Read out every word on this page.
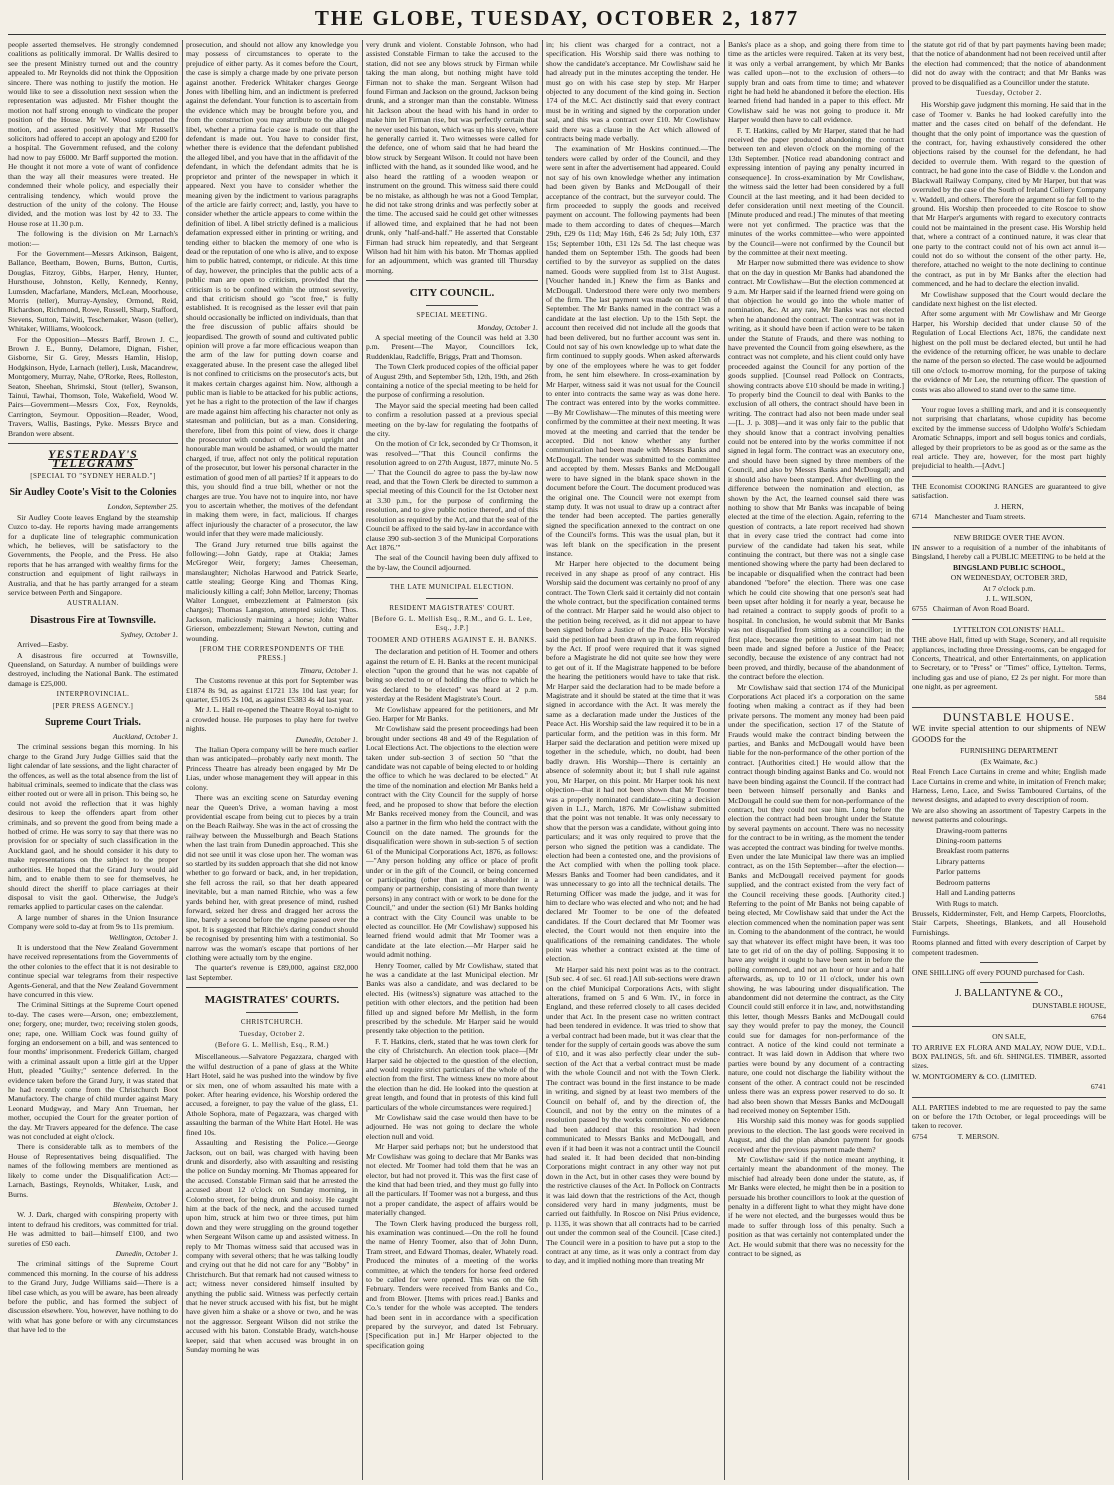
THE GLOBE, TUESDAY, OCTOBER 2, 1877

people asserted themselves. He strongly condemned coalitions as politically immoral. Dr Wallis desired to see the present Ministry turned out and the country appealed to. Mr Reynolds did not think the Opposition sincere. There was nothing to justify the motion. He would like to see a dissolution next session when the representation was adjusted. Mr Fisher thought the motion not half strong enough to vindicate the proper position of the House. Mr W. Wood supported the motion, and asserted positively that Mr Russell's solicitors had offered to accept an apology and £200 for a hospital. The Government refused, and the colony had now to pay £6000. Mr Barff supported the motion. He thought it not more a vote of want of confidence than the way all their measures were treated. He condemned their whole policy, and especially their centralising tendency, which would prove the destruction of the unity of the colony. The House divided, and the motion was lost by 42 to 33. The House rose at 11.30 p.m.

The following is the division on Mr Larnach's motion:—

For the Government—Messrs Atkinson, Baigent, Ballance, Beetham, Bowen, Burns, Button, Curtis, Douglas, Fitzroy, Gibbs, Harper, Henry, Hunter, Hursthouse, Johnston, Kelly, Kennedy, Kenny, Lumsden, Macfarlane, Manders, McLean, Moorhouse, Morris (teller), Murray-Aynsley, Ormond, Reid, Richardson, Richmond, Rowe, Russell, Sharp, Stafford, Stevens, Sutton, Taiwiti, Teschemaker, Wason (teller), Whitaker, Williams, Woolcock.

For the Opposition—Messrs Barff, Brown J. C., Brown J. E., Bunny, Delamore, Dignan, Fisher, Gisborne, Sir G. Grey, Messrs Hamlin, Hislop, Hodgkinson, Hyde, Larnach (teller), Lusk, Macandrew, Montgomery, Murray, Nahe, O'Rorke, Rees, Rolleston, Seaton, Sheehan, Shrimski, Stout (teller), Swanson, Tainui, Tawhai, Thomson, Tole, Wakefield, Wood W. Pairs—Government—Messrs Cox, Fox, Reynolds, Carrington, Seymour. Opposition—Reader, Wood, Travers, Wallis, Bastings, Pyke. Messrs Bryce and Brandon were absent.

YESTERDAY'S TELEGRAMS

[SPECIAL TO "SYDNEY HERALD."]

Sir Audley Coote's Visit to the Colonies

London, September 25.

Sir Audley Coote leaves England by the steamship Cuzco to-day. He reports having made arrangements for a duplicate line of telegraphic communication which, he believes, will be satisfactory to the Governments, the People, and the Press. He also reports that he has arranged with wealthy firms for the construction and equipment of light railways in Australia, and that he has partly arranged for a steam service between Perth and Singapore.

AUSTRALIAN.

Disastrous Fire at Townsville.

Sydney, October 1.

Arrived—Easby.

A disastrous fire occurred at Townsville, Queensland, on Saturday. A number of buildings were destroyed, including the National Bank. The estimated damage is £25,000.

INTERPROVINCIAL.

[PER PRESS AGENCY.]

Supreme Court Trials.

Auckland, October 1.

The criminal sessions began this morning. In his charge to the Grand Jury Judge Gillies said that the light calendar of late sessions, and the light character of the offences, as well as the total absence from the list of habitual criminals, seemed to indicate that the class was either rooted out or were all in prison. This being so, he could not avoid the reflection that it was highly desirous to keep the offenders apart from other criminals, and so prevent the good from being made a hotbed of crime. He was sorry to say that there was no provision for or specialty of such classification in the Auckland gaol, and he should consider it his duty to make representations on the subject to the proper authorities. He hoped that the Grand Jury would aid him, and to enable them to see for themselves, he should direct the sheriff to place carriages at their disposal to visit the gaol. Otherwise, the Judge's remarks applied to particular cases on the calendar.

A large number of shares in the Union Insurance Company were sold to-day at from 9s to 11s premium.

Wellington, October 1.

It is understood that the New Zealand Government have received representations from the Governments of the other colonies to the effect that it is not desirable to continue special war telegrams from their respective Agents-General, and that the New Zealand Government have concurred in this view.

The Criminal Sittings at the Supreme Court opened to-day. The cases were—Arson, one; embezzlement, one; forgery, one; murder, two; receiving stolen goods, one; rape, one. William Cock was found guilty of forging an endorsement on a bill, and was sentenced to four months' imprisonment. Frederick Gillam, charged with a criminal assault upon a little girl at the Upper Hutt, pleaded "Guilty;" sentence deferred. In the evidence taken before the Grand Jury, it was stated that he had recently come from the Christchurch Boot Manufactory. The charge of child murder against Mary Leonard Mudgway, and Mary Ann Trueman, her mother, occupied the Court for the greater portion of the day. Mr Travers appeared for the defence. The case was not concluded at eight o'clock.

There is considerable talk as to members of the House of Representatives being disqualified. The names of the following members are mentioned as likely to come under the Disqualification Act:—Larnach, Bastings, Reynolds, Whitaker, Lusk, and Burns.

Blenheim, October 1.

W. J. Dark, charged with conspiring property with intent to defraud his creditors, was committed for trial. He was admitted to bail—himself £100, and two sureties of £50 each.

Dunedin, October 1.

The criminal sittings of the Supreme Court commenced this morning. In the course of his address to the Grand Jury, Judge Williams said—There is a libel case which, as you will be aware, has been already before the public, and has formed the subject of discussion elsewhere. You, however, have nothing to do with what has gone before or with any circumstances that have led to the

prosecution, and should not allow any knowledge you may possess of circumstances to operate to the prejudice of either party. As it comes before the Court, the case is simply a charge made by one private person against another. Frederick Whitaker charges George Jones with libelling him, and an indictment is preferred against the defendant. Your function is to ascertain from the evidence which may be brought before you, and from the construction you may attribute to the alleged libel, whether a prima facie case is made out that the defendant is made out. You have to consider first, whether there is evidence that the defendant published the alleged libel, and you have that in the affidavit of the defendant, in which the defendant admits that he is proprietor and printer of the newspaper in which it appeared. Next you have to consider whether the meaning given by the indictment to various paragraphs of the article are fairly correct; and, lastly, you have to consider whether the article appears to come within the definition of libel. A libel strictly defined is a malicious defamation expressed either in printing or writing, and tending either to blacken the memory of one who is dead or the reputation of one who is alive, and to expose him to public hatred, contempt, or ridicule. At this time of day, however, the principles that the public acts of a public man are open to criticism, provided that the criticism is to be confined within the utmost severity, and that criticism should go "scot free," is fully established. It is recognised as the lesser evil that pain should occasionally be inflicted on individuals, than that the free discussion of public affairs should be jeopardised. The growth of sound and cultivated public opinion will prove a far more efficacious weapon than the arm of the law for putting down coarse and exaggerated abuse. In the present case the alleged libel is not confined to criticisms on the prosecutor's acts, but it makes certain charges against him. Now, although a public man is liable to be attacked for his public actions, yet he has a right to the protection of the law if charges are made against him affecting his character not only as statesman and politician, but as a man. Considering, therefore, libel from this point of view, does it charge the prosecutor with conduct of which an upright and honourable man would be ashamed, or would the matter charged, if true, affect not only the political reputation of the prosecutor, but lower his personal character in the estimation of good men of all parties? If it appears to do this, you should find a true bill, whether or not the charges are true. You have not to inquire into, nor have you to ascertain whether, the motives of the defendant in making them were, in fact, malicious. If charges affect injuriously the character of a prosecutor, the law would infer that they were made maliciously.

The Grand Jury returned true bills against the following:—John Gatdy, rape at Otakia; James McGregor Weir, forgery; James Cheeseman, manslaughter; Nicholas Harwood and Patrick Searle, cattle stealing; George King and Thomas King, maliciously killing a calf; John Mellor, larceny; Thomas Walter Longuet, embezzlement at Palmerston (six charges); Thomas Langston, attempted suicide; Thos. Jackson, maliciously maiming a horse; John Walter Grierson, embezzlement; Stewart Newton, cutting and wounding.

[FROM THE CORRESPONDENTS OF THE PRESS.]

Timaru, October 1.

The Customs revenue at this port for September was £1874 8s 9d, as against £1721 13s 10d last year; for quarter, £5105 2s 10d, as against £5383 4s 4d last year.

Mr J. L. Hall re-opened the Theatre Royal to-night to a crowded house. He purposes to play here for twelve nights.

Dunedin, October 1.

The Italian Opera company will be here much earlier than was anticipated—probably early next month. The Princess Theatre has already been engaged by Mr De Lias, under whose management they will appear in this colony.

There was an exciting scene on Saturday evening near the Queen's Drive, a woman having a most providential escape from being cut to pieces by a train on the Beach Railway. She was in the act of crossing the railway between the Musselburgh and Beach Stations when the last train from Dunedin approached. This she did not see until it was close upon her. The woman was so startled by its sudden approach that she did not know whether to go forward or back, and, in her trepidation, she fell across the rail, so that her death appeared inevitable, but a man named Ritchie, who was a few yards behind her, with great presence of mind, rushed forward, seized her dress and dragged her across the line, barely a second before the engine passed over the spot. It is suggested that Ritchie's daring conduct should be recognised by presenting him with a testimonial. So narrow was the woman's escape that portions of her clothing were actually torn by the engine.

The quarter's revenue is £89,000, against £82,000 last September.

MAGISTRATES' COURTS.

CHRISTCHURCH.

Tuesday, October 2.

(Before G. L. Mellish, Esq., R.M.)

Miscellaneous.—Salvatore Pegazzara, charged with the wilful destruction of a pane of glass at the White Hart Hotel, said he was pushed into the window by five or six men, one of whom assaulted his mate with a poker. After hearing evidence, his Worship ordered the accused, a foreigner, to pay the value of the glass, £1. Athole Sophora, mate of Pegazzara, was charged with assaulting the barman of the White Hart Hotel. He was fined 10s.

Assaulting and Resisting the Police.—George Jackson, out on bail, was charged with having been drunk and disorderly, also with assaulting and resisting the police on Sunday morning. Mr Thomas appeared for the accused. Constable Firman said that he arrested the accused about 12 o'clock on Sunday morning, in Colombo street, for being drunk and noisy. He caught him at the back of the neck, and the accused turned upon him, struck at him two or three times, put him down and they were struggling on the ground together when Sergeant Wilson came up and assisted witness. In reply to Mr Thomas witness said that accused was in company with several others; that he was talking loudly and crying out that he did not care for any "Bobby" in Christchurch. But that remark had not caused witness to act; witness never considered himself insulted by anything the public said. Witness was perfectly certain that he never struck accused with his fist, but he might have given him a shake or a shove or two, and he was not the aggressor. Sergeant Wilson did not strike the accused with his baton. Constable Brady, watch-house keeper, said that when accused was brought in on Sunday morning he was

very drunk and violent. Constable Johnson, who had assisted Constable Firman to take the accused to the station, did not see any blows struck by Firman while taking the man along, but nothing might have told Firman not to shake the man. Sergeant Wilson had found Firman and Jackson on the ground, Jackson being drunk, and a stronger man than the constable. Witness hit Jackson about the head with his hand in order to make him let Firman rise, but was perfectly certain that he never used his baton, which was up his sleeve, where he generally carried it. Two witnesses were called for the defence, one of whom said that he had heard the blow struck by Sergeant Wilson. It could not have been inflicted with the hand, as it sounded like wood, and he also heard the rattling of a wooden weapon or instrument on the ground. This witness said there could be no mistake, as although he was not a Good Templar, he did not take strong drinks and was perfectly sober at the time. The accused said he could get other witnesses if allowed time, and explained that he had not been drunk, only "half-and-half." He asserted that Constable Firman had struck him repeatedly, and that Sergeant Wilson had hit him with his baton. Mr Thomas applied for an adjournment, which was granted till Thursday morning.

CITY COUNCIL.

SPECIAL MEETING.

Monday, October 1.

A special meeting of the Council was held at 3.30 p.m. Present—The Mayor, Councillors Ick, Ruddenklau, Radcliffe, Briggs, Pratt and Thomson.

The Town Clerk produced copies of the official paper of August 29th, and September 5th, 12th, 19th, and 26th containing a notice of the special meeting to be held for the purpose of confirming a resolution.

The Mayor said the special meeting had been called to confirm a resolution passed at a previous special meeting on the by-law for regulating the footpaths of the city.

On the motion of Cr Ick, seconded by Cr Thomson, it was resolved—"That this Council confirms the resolution agreed to on 27th August, 1877, minute No. 5—' That the Council do agree to pass the by-law now read, and that the Town Clerk be directed to summon a special meeting of this Council for the 1st October next at 3.30 p.m., for the purpose of confirming the resolution, and to give public notice thereof, and of this resolution as required by the Act, and that the seal of the Council be affixed to the said by-law in accordance with clause 390 sub-section 3 of the Municipal Corporations Act 1876.'"

The seal of the Council having been duly affixed to the by-law, the Council adjourned.

THE LATE MUNICIPAL ELECTION.

RESIDENT MAGISTRATES' COURT.

[Before G. L. Mellish Esq., R.M., and G. L. Lee, Esq., J.P.]

TOOMER AND OTHERS AGAINST E. H. BANKS.

The declaration and petition of H. Toomer and others against the return of E. H. Banks at the recent municipal election "upon the ground that he was not capable of being so elected to or of holding the office to which he was declared to be elected" was heard at 2 p.m. yesterday at the Resident Magistrate's Court.

Mr Cowlishaw appeared for the petitioners, and Mr Geo. Harper for Mr Banks.

Mr Cowlishaw said the present proceedings had been brought under sections 48 and 49 of the Regulation of Local Elections Act. The objections to the election were taken under sub-section 3 of section 50 "that the candidate was not capable of being elected to or holding the office to which he was declared to be elected." At the time of the nomination and election Mr Banks held a contract with the City Council for the supply of horse feed, and he proposed to show that before the election Mr Banks received money from the Council, and was also a partner in the firm who held the contract with the Council on the date named. The grounds for the disqualification were shown in sub-section 5 of section 61 of the Municipal Corporations Act, 1876, as follows:—"Any person holding any office or place of profit under or in the gift of the Council, or being concerned or participating (other than as a shareholder in a company or partnership, consisting of more than twenty persons) in any contract with or work to be done for the Council," and under the section (61) Mr Banks holding a contract with the City Council was unable to be elected as councillor. He (Mr Cowlishaw) supposed his learned friend would admit that Mr Toomer was a candidate at the late election.—Mr Harper said he would admit nothing.

Henry Toomer, called by Mr Cowlishaw, stated that he was a candidate at the last Municipal election. Mr Banks was also a candidate, and was declared to be elected. His (witness's) signature was attached to the petition with other electors, and the petition had been filled up and signed before Mr Mellish, in the form prescribed by the schedule. Mr Harper said he would presently take objection to the petition.

F. T. Hatkins, clerk, stated that he was town clerk for the city of Christchurch. An election took place—[Mr Harper said he objected to the question of the election, and would require strict particulars of the whole of the election from the first. The witness knew no more about the election than he did. He looked into the question at great length, and found that in protests of this kind full particulars of the whole circumstances were required.]

Mr Cowlishaw said the case would then have to be adjourned. He was not going to declare the whole election null and void.

Mr Harper said perhaps not; but he understood that Mr Cowlishaw was going to declare that Mr Banks was not elected. Mr Toomer had told them that he was an elector, but had not proved it. This was the first case of the kind that had been tried, and they must go fully into all the particulars. If Toomer was not a burgess, and thus not a proper candidate, the aspect of affairs would be materially changed.

The Town Clerk having produced the burgess roll, his examination was continued.—On the roll he found the name of Henry Toomer, also that of John Dunn, Tram street, and Edward Thomas, dealer, Whately road. Produced the minutes of a meeting of the works committee, at which the tenders for horse feed ordered to be called for were opened. This was on the 6th February. Tenders were received from Banks and Co., and from Blower. [Items with prices read.] Banks and Co.'s tender for the whole was accepted. The tenders had been sent in in accordance with a specification prepared by the surveyor, and dated 1st February. [Specification put in.] Mr Harper objected to the specification going

in; his client was charged for a contract, not a specification. His Worship said there was nothing to show the candidate's acceptance. Mr Cowlishaw said he had already put in the minutes accepting the tender. He must go on with his case step by step. Mr Harper objected to any document of the kind going in. Section 174 of the M.C. Act distinctly said that every contract must be in writing and signed by the corporation under seal, and this was a contract over £10. Mr Cowlishaw said there was a clause in the Act which allowed of contracts being made verbally.

The examination of Mr Hoskins continued.—The tenders were called by order of the Council, and they were sent in after the advertisement had appeared. Could not say of his own knowledge whether any intimation had been given by Banks and McDougall of their acceptance of the contract, but the surveyor could. The firm proceeded to supply the goods and received payment on account. The following payments had been made to them according to dates of cheques—March 29th, £29 0s 11d; May 16th, £46 2s 5d; July 10th, £37 15s; September 10th, £31 12s 5d. The last cheque was handed them on September 15th. The goods had been certified to by the surveyor as supplied on the dates named. Goods were supplied from 1st to 31st August. [Voucher handed in.] Knew the firm as Banks and McDougall. Understood there were only two members of the firm. The last payment was made on the 15th of September. The Mr Banks named in the contract was a candidate at the last election. Up to the 15th Sept. the account then received did not include all the goods that had been delivered, but no further account was sent in. Could not say of his own knowledge up to what date the firm continued to supply goods. When asked afterwards by one of the employees where he was to get fodder from, he sent him elsewhere. In cross-examination by Mr Harper, witness said it was not usual for the Council to enter into contracts the same way as was done here. The contract was entered into by the works committee.—By Mr Cowlishaw—The minutes of this meeting were confirmed by the committee at their next meeting. It was moved at the meeting and carried that the tender be accepted. Did not know whether any further communication had been made with Messrs Banks and McDougall. The tender was submitted to the committee and accepted by them. Messrs Banks and McDougall were to have signed in the blank space shown in the document before the Court. The document produced was the original one. The Council were not exempt from stamp duty. It was not usual to draw up a contract after the tender had been accepted. The parties generally signed the specification annexed to the contract on one of the Council's forms. This was the usual plan, but it was left blank on the specification in the present instance.

Mr Harper here objected to the document being received in any shape as proof of any contract. His Worship said the document was certainly no proof of any contract. The Town Clerk said it certainly did not contain the whole contract, but the specification contained terms of the contract. Mr Harper said he would also object to the petition being received, as it did not appear to have been signed before a Justice of the Peace. His Worship said the petition had been drawn up in the form required by the Act. If proof were required that it was signed before a Magistrate he did not quite see how they were to get out of it. If the Magistrate happened to be before the hearing the petitioners would have to take that risk. Mr Harper said the declaration had to be made before a Magistrate and it should be stated at the time that it was signed in accordance with the Act. It was merely the same as a declaration made under the Justices of the Peace Act. His Worship said the law required it to be in a particular form, and the petition was in this form. Mr Harper said the declaration and petition were mixed up together in the schedule, which, no doubt, had been badly drawn. His Worship—There is certainly an absence of solemnity about it; but I shall rule against you, Mr Harper, on this point. Mr Harper took his next objection—that it had not been shown that Mr Toomer was a properly nominated candidate—citing a decision given in L.J., March, 1876. Mr Cowlishaw submitted that the point was not tenable. It was only necessary to show that the person was a candidate, without going into particulars; and it was only required to prove that the person who signed the petition was a candidate. The election had been a contested one, and the provisions of the Act complied with when the polling took place. Messrs Banks and Toomer had been candidates, and it was unnecessary to go into all the technical details. The Returning Officer was made the judge, and it was for him to declare who was elected and who not; and he had declared Mr Toomer to be one of the defeated candidates. If the Court declared that Mr Toomer was elected, the Court would not then enquire into the qualifications of the remaining candidates. The whole point was whether a contract existed at the time of election.

Mr Harper said his next point was as to the contract. [Sub sec. 4 of sec. 61 read.] All sub-sections were drawn on the chief Municipal Corporations Acts, with slight alterations, framed on 5 and 6 Wm. IV., in force in England, and these referred closely to all cases decided under that Act. In the present case no written contract had been tendered in evidence. It was tried to show that a verbal contract had been made, but it was clear that the tender for the supply of certain goods was above the sum of £10, and it was also perfectly clear under the sub-section of the Act that a verbal contract must be made with the whole Council and not with the Town Clerk. The contract was bound in the first instance to be made in writing, and signed by at least two members of the Council on behalf of, and by the direction of, the Council, and not by the entry on the minutes of a resolution passed by the works committee. No evidence had been adduced that this resolution had been communicated to Messrs Banks and McDougall, and even if it had been it was not a contract until the Council had sealed it. It had been decided that non-binding Corporations might contract in any other way not put down in the Act, but in other cases they were bound by the restrictive clauses of the Act. In Pollock on Contracts it was laid down that the restrictions of the Act, though considered very hard in many judgments, must be carried out faithfully. In Roscoe on Nisi Prius evidence, p. 1135, it was shown that all contracts had to be carried out under the common seal of the Council. [Case cited.] The Council were in a position to have put a stop to the contract at any time, as it was only a contract from day to day, and it implied nothing more than treating Mr

Banks's place as a shop, and going there from time to time as the articles were required. Taken at its very best, it was only a verbal arrangement, by which Mr Banks was called upon—not to the exclusion of others—to supply bran and oats from time to time; and whatever right he had held he abandoned it before the election. His learned friend had handed in a paper to this effect. Mr Cowlishaw said he was not going to produce it. Mr Harper would then have to call evidence.

F. T. Hatkins, called by Mr Harper, stated that he had received the paper produced abandoning the contract between ten and eleven o'clock on the morning of the 13th September. [Notice read abandoning contract and expressing intention of paying any penalty incurred in consequence]. In cross-examination by Mr Cowlishaw, the witness said the letter had been considered by a full Council at the last meeting, and it had been decided to defer consideration until next meeting of the Council. [Minute produced and read.] The minutes of that meeting were not yet confirmed. The practice was that the minutes of the works committee—who were appointed by the Council—were not confirmed by the Council but by the committee at their next meeting.

Mr Harper now submitted there was evidence to show that on the day in question Mr Banks had abandoned the contract. Mr Cowlishaw—But the election commenced at 9 a.m. Mr Harper said if the learned friend were going on that objection he would go into the whole matter of nomination, &c. At any rate, Mr Banks was not elected when he abandoned the contract. The contract was not in writing, as it should have been if action were to be taken under the Statute of Frauds, and there was nothing to have prevented the Council from going elsewhere, as the contract was not complete, and his client could only have proceeded against the Council for any portion of the goods supplied. [Counsel read Pollock on Contracts, showing contracts above £10 should be made in writing.] To properly bind the Council to deal with Banks to the exclusion of all others, the contract should have been in writing. The contract had also not been made under seal—[L. J. p. 308]—and it was only fair to the public that they should know that a contract involving penalties could not be entered into by the works committee if not signed in legal form. The contract was an executory one, and should have been signed by three members of the Council, and also by Messrs Banks and McDougall; and it should also have been stamped. After dwelling on the difference between the nomination and election, as shown by the Act, the learned counsel said there was nothing to show that Mr Banks was incapable of being elected at the time of the election. Again, referring to the question of contracts, a late report received had shown that in every case tried the contract had come into purview of the candidate had taken his seat, while continuing the contract, but there was not a single case mentioned showing where the party had been declared to be incapable or disqualified when the contract had been abandoned "before" the election. There was one case which he could cite showing that one person's seat had been upset after holding it for nearly a year, because he had retained a contract to supply goods of profit to a hospital. In conclusion, he would submit that Mr Banks was not disqualified from sitting as a councillor; in the first place, because the petition to unseat him had not been made and signed before a Justice of the Peace; secondly, because the existence of any contract had not been proved, and thirdly, because of the abandonment of the contract before the election.

Mr Cowlishaw said that section 174 of the Municipal Corporations Act placed it's a corporation on the same footing when making a contract as if they had been private persons. The moment any money had been paid under the specification, section 17 of the Statute of Frauds would make the contract binding between the parties, and Banks and McDougall would have been liable for the non-performance of the other portion of the contract. [Authorities cited.] He would allow that the contract though binding against Banks and Co. would not have been binding against the Council. If the contract had been between himself personally and Banks and McDougall he could sue them for non-performance of the contract, but they could not sue him. Long before the election the contract had been brought under the Statute by several payments on account. There was no necessity for the contract to be in writing, as the moment the tender was accepted the contract was binding for twelve months. Even under the late Municipal law there was an implied contract, as on the 15th September—after the election—Banks and McDougall received payment for goods supplied, and the contract existed from the very fact of the Council receiving these goods. [Authority cited.] Referring to the point of Mr Banks not being capable of being elected, Mr Cowlishaw said that under the Act the election commenced when the nomination paper was sent in. Coming to the abandonment of the contract, he would say that whatever its effect might have been, it was too late to get rid of on the day of polling. Supposing it to have any weight it ought to have been sent in before the polling commenced, and not an hour or hour and a half afterwards, as, up to 10 or 11 o'clock, under his own showing, he was labouring under disqualification. The abandonment did not determine the contract, as the City Council could still enforce it in law, and, notwithstanding this letter, though Messrs Banks and McDougall could say they would prefer to pay the money, the Council could sue for damages for non-performance of the contract. A notice of the kind could not terminate a contract. It was laid down in Addison that where two parties were bound by any document of a contracting nature, one could not discharge the liability without the consent of the other. A contract could not be rescinded unless there was an express power reserved to do so. It had also been shown that Messrs Banks and McDougall had received money on September 15th.

His Worship said this money was for goods supplied previous to the election. The last goods were received in August, and did the plan abandon payment for goods received after the previous payment made them?

Mr Cowlishaw said if the notice meant anything, it certainly meant the abandonment of the money. The mischief had already been done under the statute, as, if Mr Banks were elected, he might then be in a position to persuade his brother councillors to look at the question of penalty in a different light to what they might have done if he were not elected, and the burgesses would thus be made to suffer through loss of this penalty. Such a position as that was certainly not contemplated under the Act. He would submit that there was no necessity for the contract to be signed, as

the statute got rid of that by part payments having been made; that the notice of abandonment had not been received until after the election had commenced; that the notice of abandonment did not do away with the contract; and that Mr Banks was proved to be disqualified as a Councillor under the statute.

Tuesday, October 2.

His Worship gave judgment this morning. He said that in the case of Toomer v. Banks he had looked carefully into the matter and the cases cited on behalf of the defendant. He thought that the only point of importance was the question of the contract, for, having exhaustively considered the other objections raised by the counsel for the defendant, he had decided to overrule them. With regard to the question of contract, he had gone into the case of Biddle v. the London and Blackwall Railway Company, cited by Mr Harper, but that was overruled by the case of the South of Ireland Colliery Company v. Waddell, and others. Therefore the argument so far fell to the ground. His Worship then proceeded to cite Roscoe to show that Mr Harper's arguments with regard to executory contracts could not be maintained in the present case. His Worship held that, where a contract of a continued nature, it was clear that one party to the contract could not of his own act annul it—could not do so without the consent of the other party. He, therefore, attached no weight to the note declining to continue the contract, as put in by Mr Banks after the election had commenced, and he had to declare the election invalid.

Mr Cowlishaw supposed that the Court would declare the candidate next highest on the list elected.

After some argument with Mr Cowlishaw and Mr George Harper, his Worship decided that under clause 50 of the Regulation of Local Elections Act, 1876, the candidate next highest on the poll must be declared elected, but until he had the evidence of the returning officer, he was unable to declare the name of the person so elected. The case would be adjourned till one o'clock to-morrow morning, for the purpose of taking the evidence of Mr Lee, the returning officer. The question of costs was also allowed to stand over to the same time.

Your rogue loves a shilling mark, and and it is consequently not surprising that charlatans, whose cupidity has become excited by the immense success of Udolpho Wolfe's Schiedam Aromatic Schnapps, import and sell bogus tonics and cordials, alleged by their proprietors to be as good as or the same as the real article. They are, however, for the most part highly prejudicial to health.—[Advt.]

THE Economist COOKING RANGES are guaranteed to give satisfaction.

J. HERN,

6714 Manchester and Tuam streets.

NEW BRIDGE OVER THE AVON.

IN answer to a requisition of a number of the inhabitants of Bingsland, I hereby call a PUBLIC MEETING to be held at the

BINGSLAND PUBLIC SCHOOL,

ON WEDNESDAY, OCTOBER 3RD,

At 7 o'clock p.m.

J. L. WILSON,

6755 Chairman of Avon Road Board.

LYTTELTON COLONISTS' HALL.

THE above Hall, fitted up with Stage, Scenery, and all requisite appliances, including three Dressing-rooms, can be engaged for Concerts, Theatrical, and other Entertainments, on application to Secretary, or to "Press" or "Times" office, Lyttelton. Terms, including gas and use of piano, £2 2s per night. For more than one night, as per agreement.

584

DUNSTABLE HOUSE.

WE invite special attention to our shipments of NEW GOODS for the

FURNISHING DEPARTMENT

(Ex Waimate, &c.)

Real French Lace Curtains in creme and white; English made Lace Curtains in creme and white, in imitation of French make; Harness, Leno, Lace, and Swiss Tamboured Curtains, of the newest designs, and adapted to every description of room.

We are also showing an assortment of Tapestry Carpets in the newest patterns and colourings.

Drawing-room patterns

Dining-room patterns

Breakfast room patterns

Library patterns

Parlor patterns

Bedroom patterns

Hall and Landing patterns

With Rugs to match.

Brussels, Kidderminster, Felt, and Hemp Carpets, Floorcloths, Stair Carpets, Sheetings, Blankets, and all Household Furnishings.

Rooms planned and fitted with every description of Carpet by competent tradesmen.

ONE SHILLING off every POUND purchased for Cash.

J. BALLANTYNE & CO.,

DUNSTABLE HOUSE,

6764

ON SALE,

TO ARRIVE EX FLORA AND MALAY, NOW DUE, V.D.L. BOX PALINGS, 5ft. and 6ft. SHINGLES. TIMBER, assorted sizes.

W. MONTGOMERY & CO. (LIMITED.

6741

ALL PARTIES indebted to me are requested to pay the same on or before the 17th October, or legal proceedings will be taken to recover.

6754	T. MERSON.
